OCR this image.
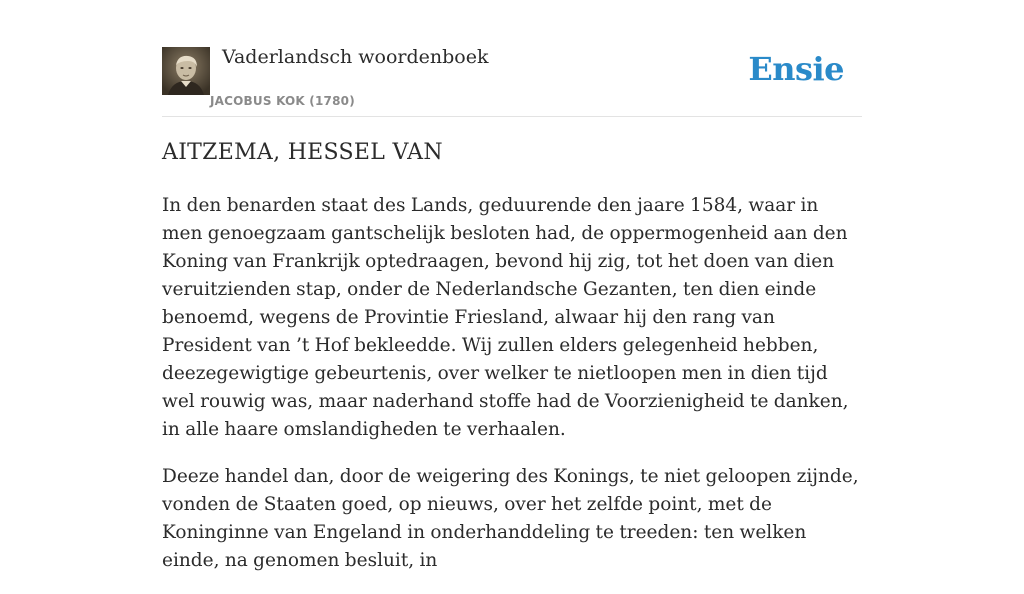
Vaderlandsch woordenboek
JACOBUS KOK (1780)
Ensie
AITZEMA, HESSEL VAN

In den benarden staat des Lands, geduurende den jaare 1584, waar in men genoegzaam gantschelijk besloten had, de oppermogenheid aan den Koning van Frankrijk optedraagen, bevond hij zig, tot het doen van dien veruitzienden stap, onder de Nederlandsche Gezanten, ten dien einde benoemd, wegens de Provintie Friesland, alwaar hij den rang van President van ’t Hof bekleedde. Wij zullen elders gelegenheid hebben, deezegewigtige gebeurtenis, over welker te nietloopen men in dien tijd wel rouwig was, maar naderhand stoffe had de Voorzienigheid te danken, in alle haare omslandigheden te verhaalen.

Deeze handel dan, door de weigering des Konings, te niet geloopen zijnde, vonden de Staaten goed, op nieuws, over het zelfde point, met de Koninginne van Engeland in onderhanddeling te treeden: ten welken einde, na genomen besluit, in
